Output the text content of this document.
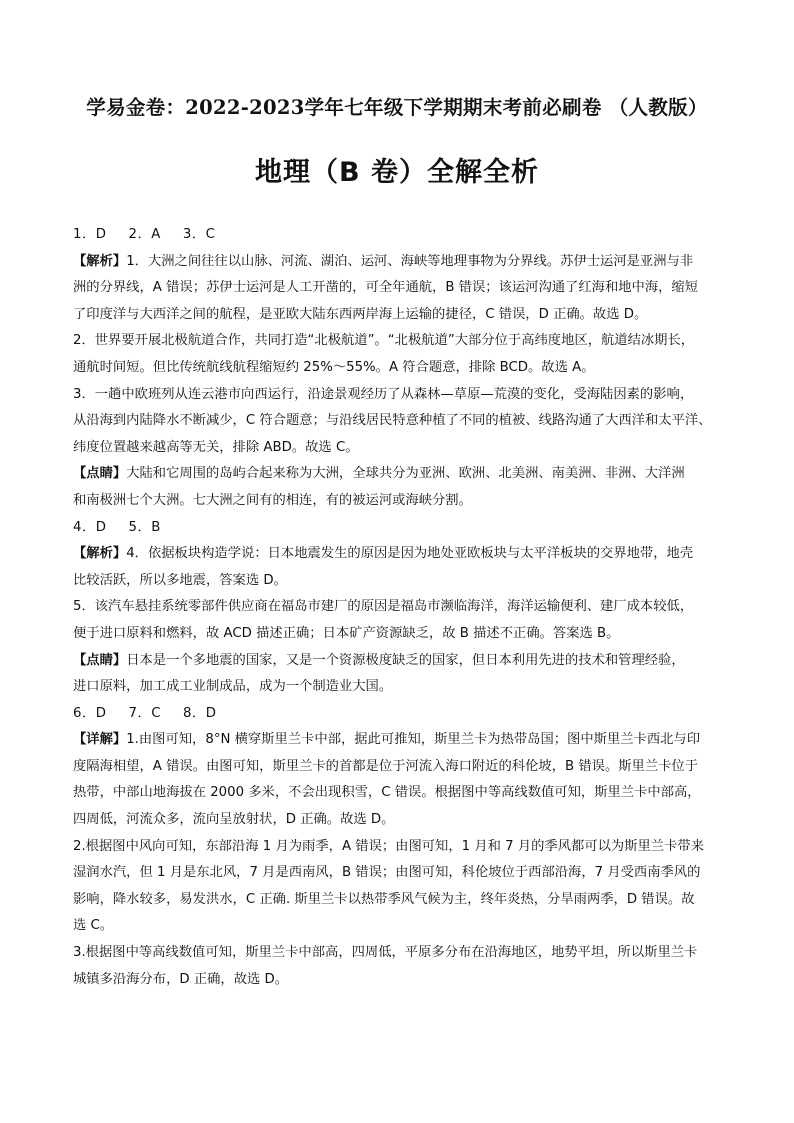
学易金卷：2022-2023学年七年级下学期期末考前必刷卷 （人教版）
地理（B 卷）全解全析
1．D 2．A 3．C
【解析】1．大洲之间往往以山脉、河流、湖泊、运河、海峡等地理事物为分界线。苏伊士运河是亚洲与非
洲的分界线，A 错误；苏伊士运河是人工开凿的，可全年通航，B 错误；该运河沟通了红海和地中海，缩短
了印度洋与大西洋之间的航程，是亚欧大陆东西两岸海上运输的捷径，C 错误，D 正确。故选 D。
2．世界要开展北极航道合作，共同打造“北极航道”。“北极航道”大部分位于高纬度地区，航道结冰期长，
通航时间短。但比传统航线航程缩短约 25%～55%。A 符合题意，排除 BCD。故选 A。
3．一趟中欧班列从连云港市向西运行，沿途景观经历了从森林—草原—荒漠的变化，受海陆因素的影响，
从沿海到内陆降水不断减少，C 符合题意；与沿线居民特意种植了不同的植被、线路沟通了大西洋和太平洋、
纬度位置越来越高等无关，排除 ABD。故选 C。
【点睛】大陆和它周围的岛屿合起来称为大洲，全球共分为亚洲、欧洲、北美洲、南美洲、非洲、大洋洲
和南极洲七个大洲。七大洲之间有的相连，有的被运河或海峡分割。
4．D 5．B
【解析】4．依据板块构造学说：日本地震发生的原因是因为地处亚欧板块与太平洋板块的交界地带，地壳
比较活跃，所以多地震，答案选 D。
5．该汽车悬挂系统零部件供应商在福岛市建厂的原因是福岛市濒临海洋，海洋运输便利、建厂成本较低，
便于进口原料和燃料，故 ACD 描述正确；日本矿产资源缺乏，故 B 描述不正确。答案选 B。
【点睛】日本是一个多地震的国家，又是一个资源极度缺乏的国家，但日本利用先进的技术和管理经验，
进口原料，加工成工业制成品，成为一个制造业大国。
6．D 7．C 8．D
【详解】1.由图可知，8°N 横穿斯里兰卡中部，据此可推知，斯里兰卡为热带岛国；图中斯里兰卡西北与印
度隔海相望，A 错误。由图可知，斯里兰卡的首都是位于河流入海口附近的科伦坡，B 错误。斯里兰卡位于
热带，中部山地海拔在 2000 多米，不会出现积雪，C 错误。根据图中等高线数值可知，斯里兰卡中部高，
四周低，河流众多，流向呈放射状，D 正确。故选 D。
2.根据图中风向可知，东部沿海 1 月为雨季，A 错误；由图可知，1 月和 7 月的季风都可以为斯里兰卡带来
湿润水汽，但 1 月是东北风，7 月是西南风，B 错误；由图可知，科伦坡位于西部沿海，7 月受西南季风的
影响，降水较多，易发洪水，C 正确. 斯里兰卡以热带季风气候为主，终年炎热，分旱雨两季，D 错误。故
选 C。
3.根据图中等高线数值可知，斯里兰卡中部高，四周低，平原多分布在沿海地区，地势平坦，所以斯里兰卡
城镇多沿海分布，D 正确，故选 D。
